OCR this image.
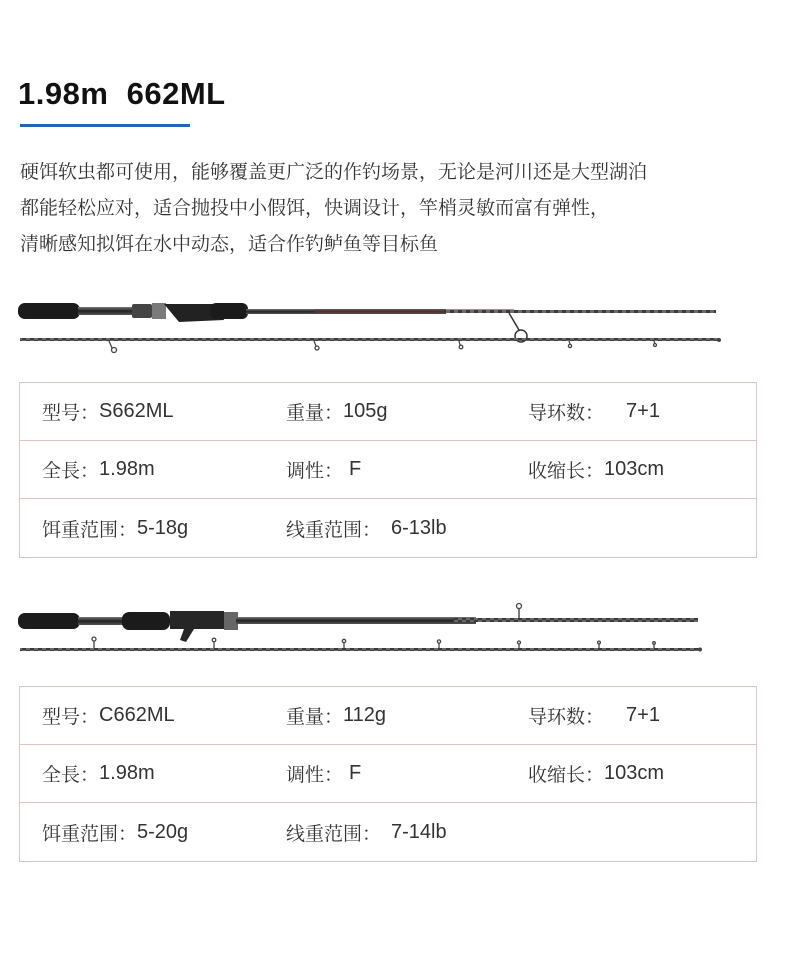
1.98m  662ML
硬饵软虫都可使用，能够覆盖更广泛的作钓场景，无论是河川还是大型湖泊
都能轻松应对，适合抛投中小假饵，快调设计，竿梢灵敏而富有弹性，
清晰感知拟饵在水中动态，适合作钓鲈鱼等目标鱼
型号： S662ML	重量： 105g	导环数： 7+1
全長： 1.98m	调性： F	收缩长： 103cm
饵重范围： 5-18g	线重范围： 6-13lb
型号： C662ML	重量： 112g	导环数： 7+1
全長： 1.98m	调性： F	收缩长： 103cm
饵重范围： 5-20g	线重范围： 7-14lb
